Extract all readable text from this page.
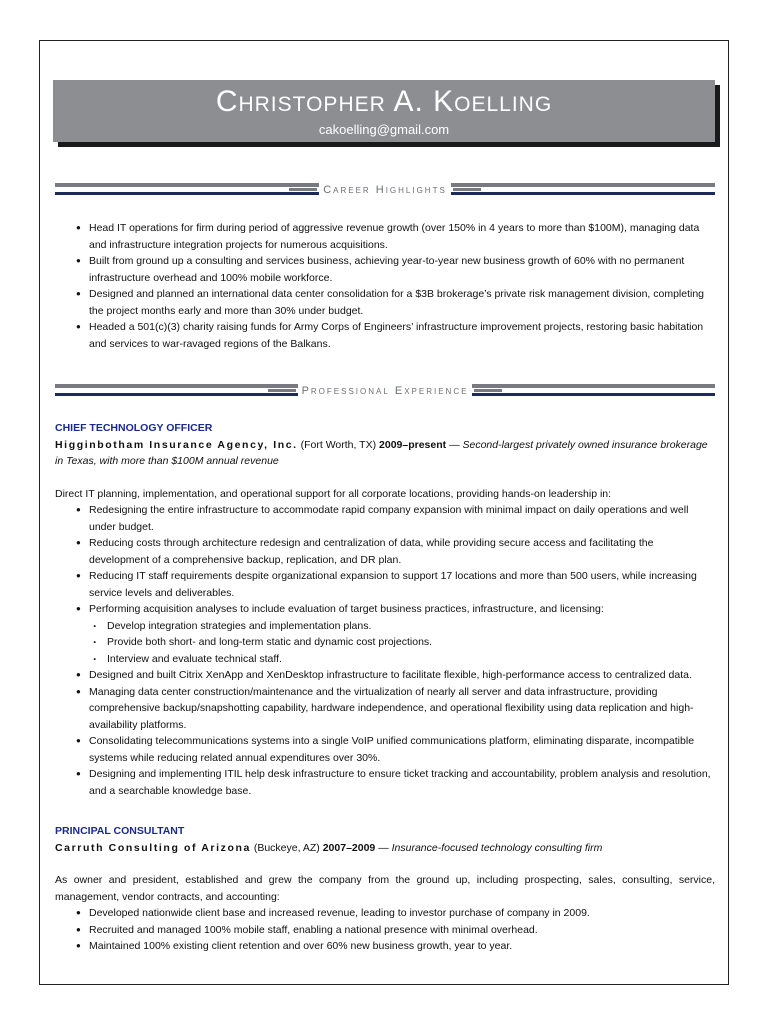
Christopher A. Koelling
cakoelling@gmail.com
Career Highlights
● Head IT operations for firm during period of aggressive revenue growth (over 150% in 4 years to more than $100M), managing data and infrastructure integration projects for numerous acquisitions.
● Built from ground up a consulting and services business, achieving year-to-year new business growth of 60% with no permanent infrastructure overhead and 100% mobile workforce.
● Designed and planned an international data center consolidation for a $3B brokerage’s private risk management division, completing the project months early and more than 30% under budget.
● Headed a 501(c)(3) charity raising funds for Army Corps of Engineers’ infrastructure improvement projects, restoring basic habitation and services to war-ravaged regions of the Balkans.
Professional Experience
CHIEF TECHNOLOGY OFFICER
Higginbotham Insurance Agency, Inc. (Fort Worth, TX) 2009–present — Second-largest privately owned insurance brokerage in Texas, with more than $100M annual revenue

Direct IT planning, implementation, and operational support for all corporate locations, providing hands-on leadership in:

● Redesigning the entire infrastructure to accommodate rapid company expansion with minimal impact on daily operations and well under budget.
● Reducing costs through architecture redesign and centralization of data, while providing secure access and facilitating the development of a comprehensive backup, replication, and DR plan.
● Reducing IT staff requirements despite organizational expansion to support 17 locations and more than 500 users, while increasing service levels and deliverables.
● Performing acquisition analyses to include evaluation of target business practices, infrastructure, and licensing:
· Develop integration strategies and implementation plans.
· Provide both short- and long-term static and dynamic cost projections.
· Interview and evaluate technical staff.
● Designed and built Citrix XenApp and XenDesktop infrastructure to facilitate flexible, high-performance access to centralized data.
● Managing data center construction/maintenance and the virtualization of nearly all server and data infrastructure, providing comprehensive backup/snapshotting capability, hardware independence, and operational flexibility using data replication and high-availability platforms.
● Consolidating telecommunications systems into a single VoIP unified communications platform, eliminating disparate, incompatible systems while reducing related annual expenditures over 30%.
● Designing and implementing ITIL help desk infrastructure to ensure ticket tracking and accountability, problem analysis and resolution, and a searchable knowledge base.
PRINCIPAL CONSULTANT
Carruth Consulting of Arizona (Buckeye, AZ) 2007–2009 — Insurance-focused technology consulting firm

As owner and president, established and grew the company from the ground up, including prospecting, sales, consulting, service, management, vendor contracts, and accounting:

● Developed nationwide client base and increased revenue, leading to investor purchase of company in 2009.
● Recruited and managed 100% mobile staff, enabling a national presence with minimal overhead.
● Maintained 100% existing client retention and over 60% new business growth, year to year.
